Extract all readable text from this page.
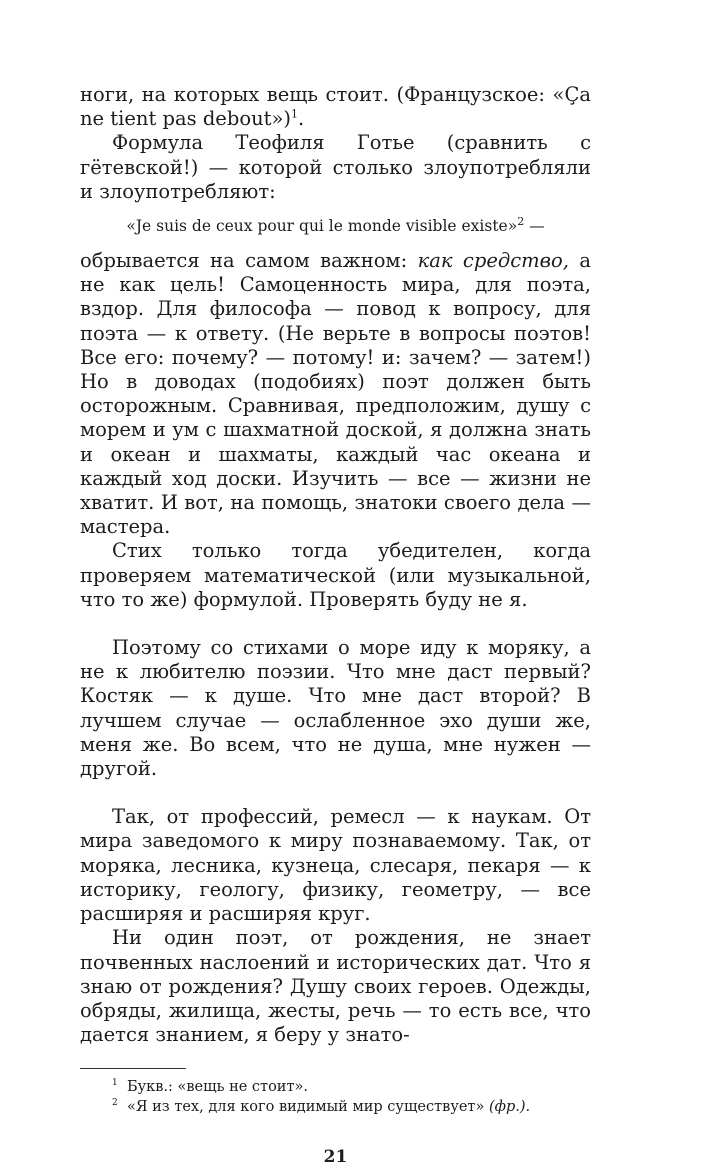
ноги, на которых вещь стоит. (Французское: «Ça ne tient pas debout»)$^1$.

Формула Теофиля Готье (сравнить с гётевской!) — которой столько злоупотребляли и злоупотребляют:

«Je suis de ceux pour qui le monde visible existe»$^2$ —

обрывается на самом важном: как средство, а не как цель! Самоценность мира, для поэта, вздор. Для философа — повод к вопросу, для поэта — к ответу. (Не верьте в вопросы поэтов! Все его: почему? — потому! и: зачем? — затем!) Но в доводах (подобиях) поэт должен быть осторожным. Сравнивая, предположим, душу с морем и ум с шахматной доской, я должна знать и океан и шахматы, каждый час океана и каждый ход доски. Изучить — все — жизни не хватит. И вот, на помощь, знатоки своего дела — мастера.

Стих только тогда убедителен, когда проверяем математической (или музыкальной, что то же) формулой. Проверять буду не я.

Поэтому со стихами о море иду к моряку, а не к любителю поэзии. Что мне даст первый? Костяк — к душе. Что мне даст второй? В лучшем случае — ослабленное эхо души же, меня же. Во всем, что не душа, мне нужен — другой.

Так, от профессий, ремесл — к наукам. От мира заведомого к миру познаваемому. Так, от моряка, лесника, кузнеца, слесаря, пекаря — к историку, геологу, физику, геометру, — все расширяя и расширяя круг.

Ни один поэт, от рождения, не знает почвенных наслоений и исторических дат. Что я знаю от рождения? Душу своих героев. Одежды, обряды, жилища, жесты, речь — то есть все, что дается знанием, я беру у знато-

$^1$ Букв.: «вещь не стоит».

$^2$ «Я из тех, для кого видимый мир существует» (фр.).

21
